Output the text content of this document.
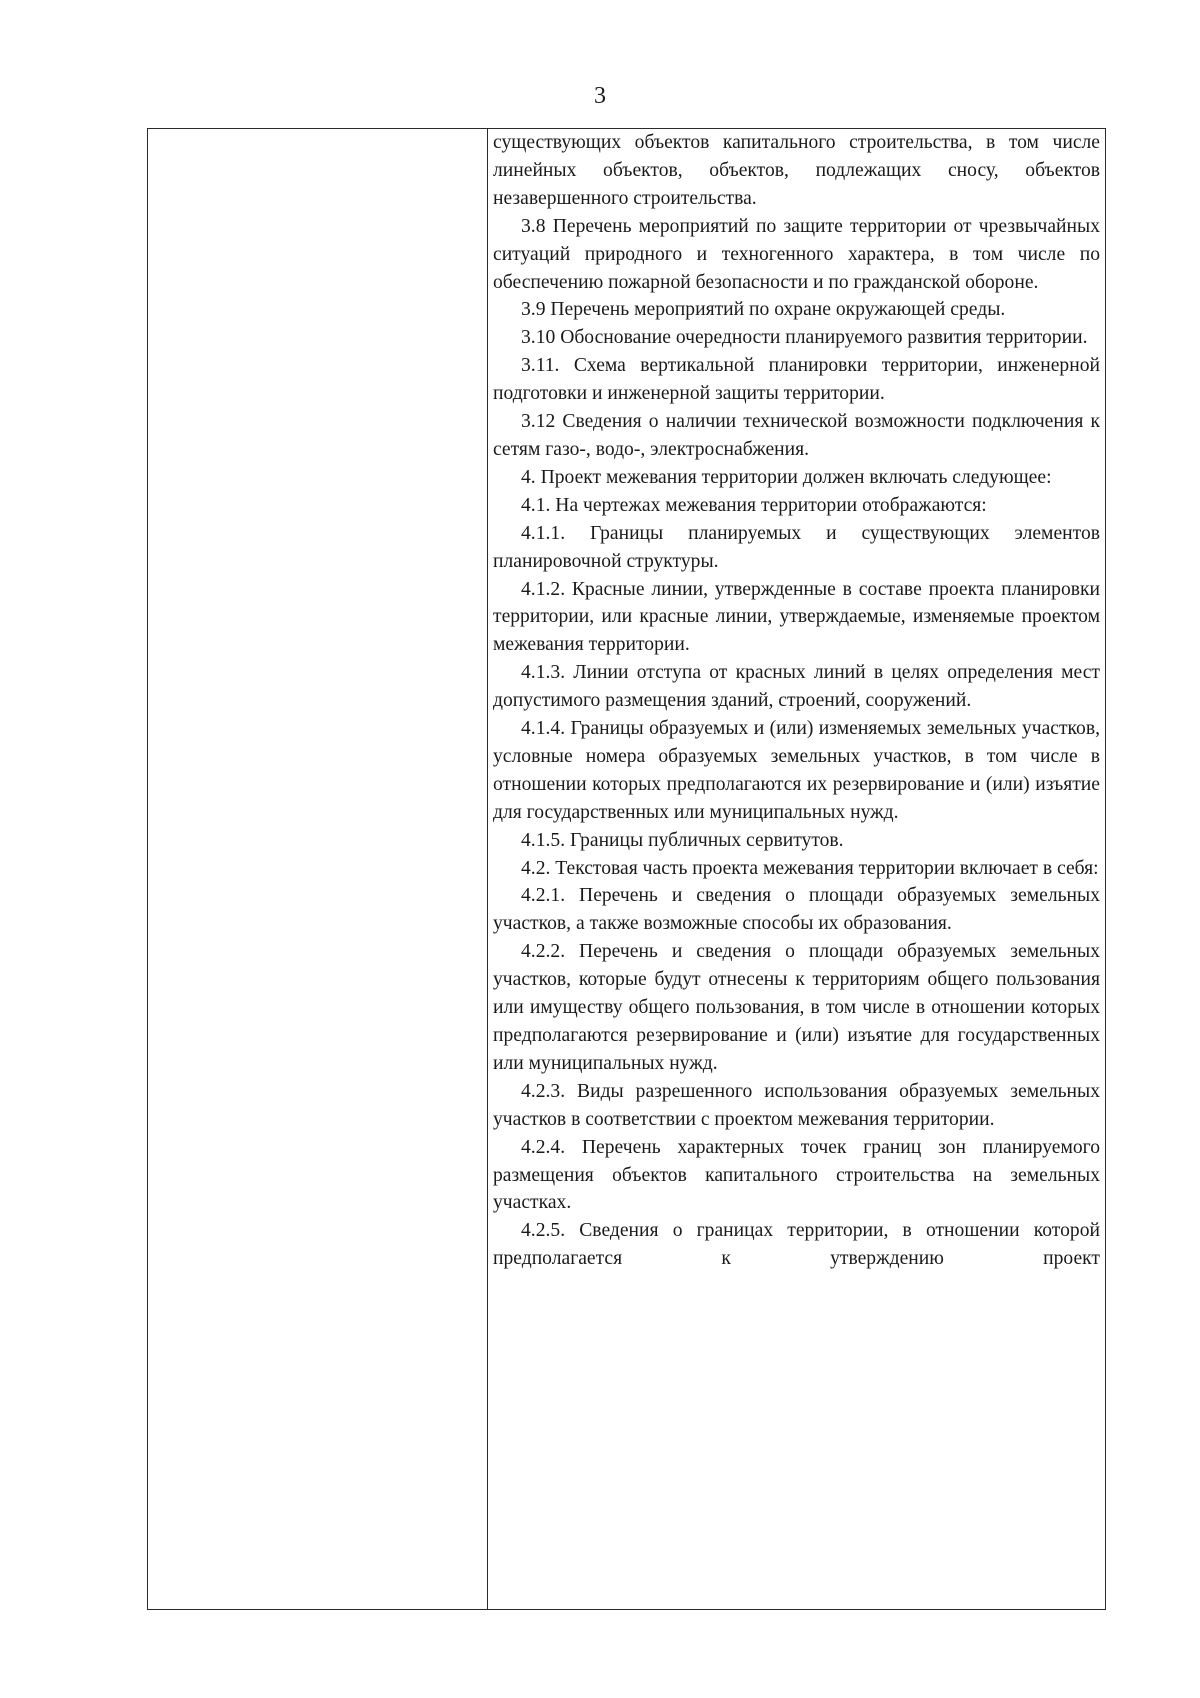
3

существующих объектов капитального строительства, в том числе линейных объектов, объектов, подлежащих сносу, объектов незавершенного строительства.

3.8 Перечень мероприятий по защите территории от чрезвычайных ситуаций природного и техногенного характера, в том числе по обеспечению пожарной безопасности и по гражданской обороне.

3.9 Перечень мероприятий по охране окружающей среды.

3.10 Обоснование очередности планируемого развития территории.

3.11. Схема вертикальной планировки территории, инженерной подготовки и инженерной защиты территории.

3.12 Сведения о наличии технической возможности подключения к сетям газо-, водо-, электроснабжения.

4. Проект межевания территории должен включать следующее:

4.1. На чертежах межевания территории отображаются:

4.1.1. Границы планируемых и существующих элементов планировочной структуры.

4.1.2. Красные линии, утвержденные в составе проекта планировки территории, или красные линии, утверждаемые, изменяемые проектом межевания территории.

4.1.3. Линии отступа от красных линий в целях определения мест допустимого размещения зданий, строений, сооружений.

4.1.4. Границы образуемых и (или) изменяемых земельных участков, условные номера образуемых земельных участков, в том числе в отношении которых предполагаются их резервирование и (или) изъятие для государственных или муниципальных нужд.

4.1.5. Границы публичных сервитутов.

4.2. Текстовая часть проекта межевания территории включает в себя:

4.2.1. Перечень и сведения о площади образуемых земельных участков, а также возможные способы их образования.

4.2.2. Перечень и сведения о площади образуемых земельных участков, которые будут отнесены к территориям общего пользования или имуществу общего пользования, в том числе в отношении которых предполагаются резервирование и (или) изъятие для государственных или муниципальных нужд.

4.2.3. Виды разрешенного использования образуемых земельных участков в соответствии с проектом межевания территории.

4.2.4. Перечень характерных точек границ зон планируемого размещения объектов капитального строительства на земельных участках.

4.2.5. Сведения о границах территории, в отношении которой предполагается к утверждению проект
